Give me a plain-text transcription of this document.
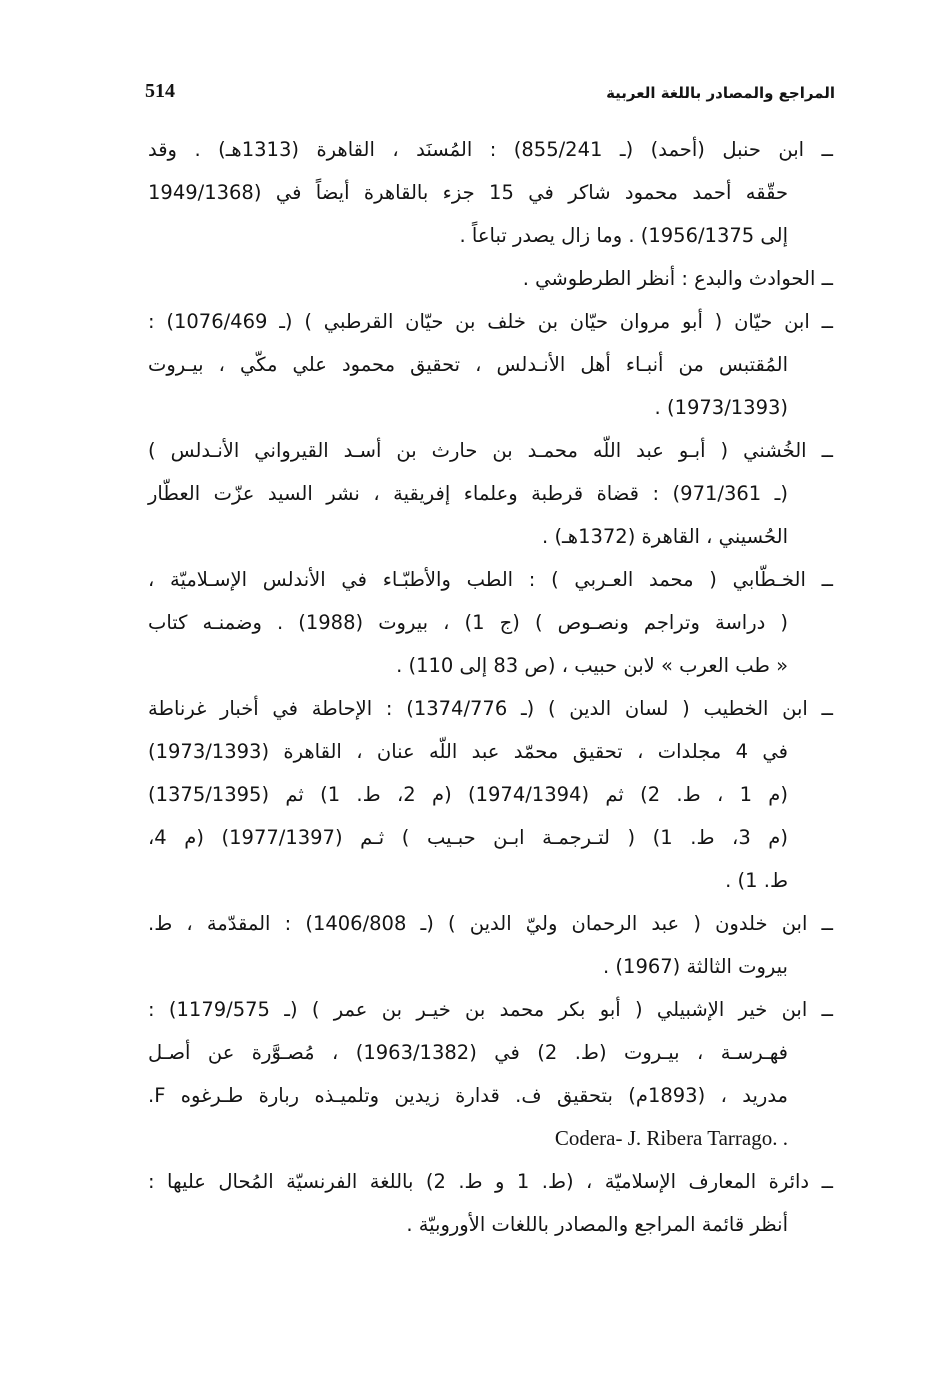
514	المراجع والمصادر باللغة العربية
ــ ابن حنبل (أحمد) (ـ 855/241) : المُسنَد ، القاهرة (1313هـ) . وقد
حقّقه أحمد محمود شاكر في 15 جزء بالقاهرة أيضاً في (1949/1368
إلى 1956/1375) . وما زال يصدر تباعاً .
ــ الحوادث والبدع : أنظر الطرطوشي .
ــ ابن حيّان ( أبو مروان حيّان بن خلف بن حيّان القرطبي ) (ـ 1076/469) :
المُقتبس من أنبـاء أهل الأنـدلس ، تحقيق محمود علي مكّي ، بيـروت
(1973/1393) .
ــ الخُشني ( أبـو عبد اللّه محمـد بن حارث بن أسـد القيرواني الأنـدلس )
(ـ 971/361) : قضاة قرطبة وعلماء إفريقية ، نشر السيد عزّت العطّار
الحُسيني ، القاهرة (1372هـ) .
ــ الخـطّابي ( محمد العـربي ) : الطب والأطبّـاء في الأندلس الإسـلاميّة ،
( دراسة وتراجم ونصـوص ) (ج 1) ، بيروت (1988) . وضمنـه كتاب
« طب العرب » لابن حبيب ، (ص 83 إلى 110) .
ــ ابن الخطيب ( لسان الدين ) (ـ 1374/776) : الإحاطة في أخبار غرناطة
في 4 مجلدات ، تحقيق محمّد عبد اللّه عنان ، القاهرة (1973/1393)
(م 1 ، ط. 2) ثم (1974/1394) (م 2، ط. 1) ثم (1375/1395)
(م 3، ط. 1) ( لتـرجمـة ابـن حبـيب ) ثـم (1977/1397) (م 4،
ط. 1) .
ــ ابن خلدون ( عبد الرحمان وليّ الدين ) (ـ 1406/808) : المقدّمة ، ط.
بيروت الثالثة (1967) .
ــ ابن خير الإشبيلي ( أبو بكر محمد بن خيـر بن عمر ) (ـ 1179/575) :
فهـرسـة ، بيـروت (ط. 2) في (1963/1382) ، مُصـوَّرة عن أصـل
مدريد ، (1893م) بتحقيق ف. قدارة زيدين وتلميـذه ربارة طـرغوه F.
Codera- J. Ribera Tarrago. .
ــ دائرة المعارف الإسلاميّة ، (ط. 1 و ط. 2) باللغة الفرنسيّة المُحال عليها :
أنظر قائمة المراجع والمصادر باللغات الأوروبيّة .
